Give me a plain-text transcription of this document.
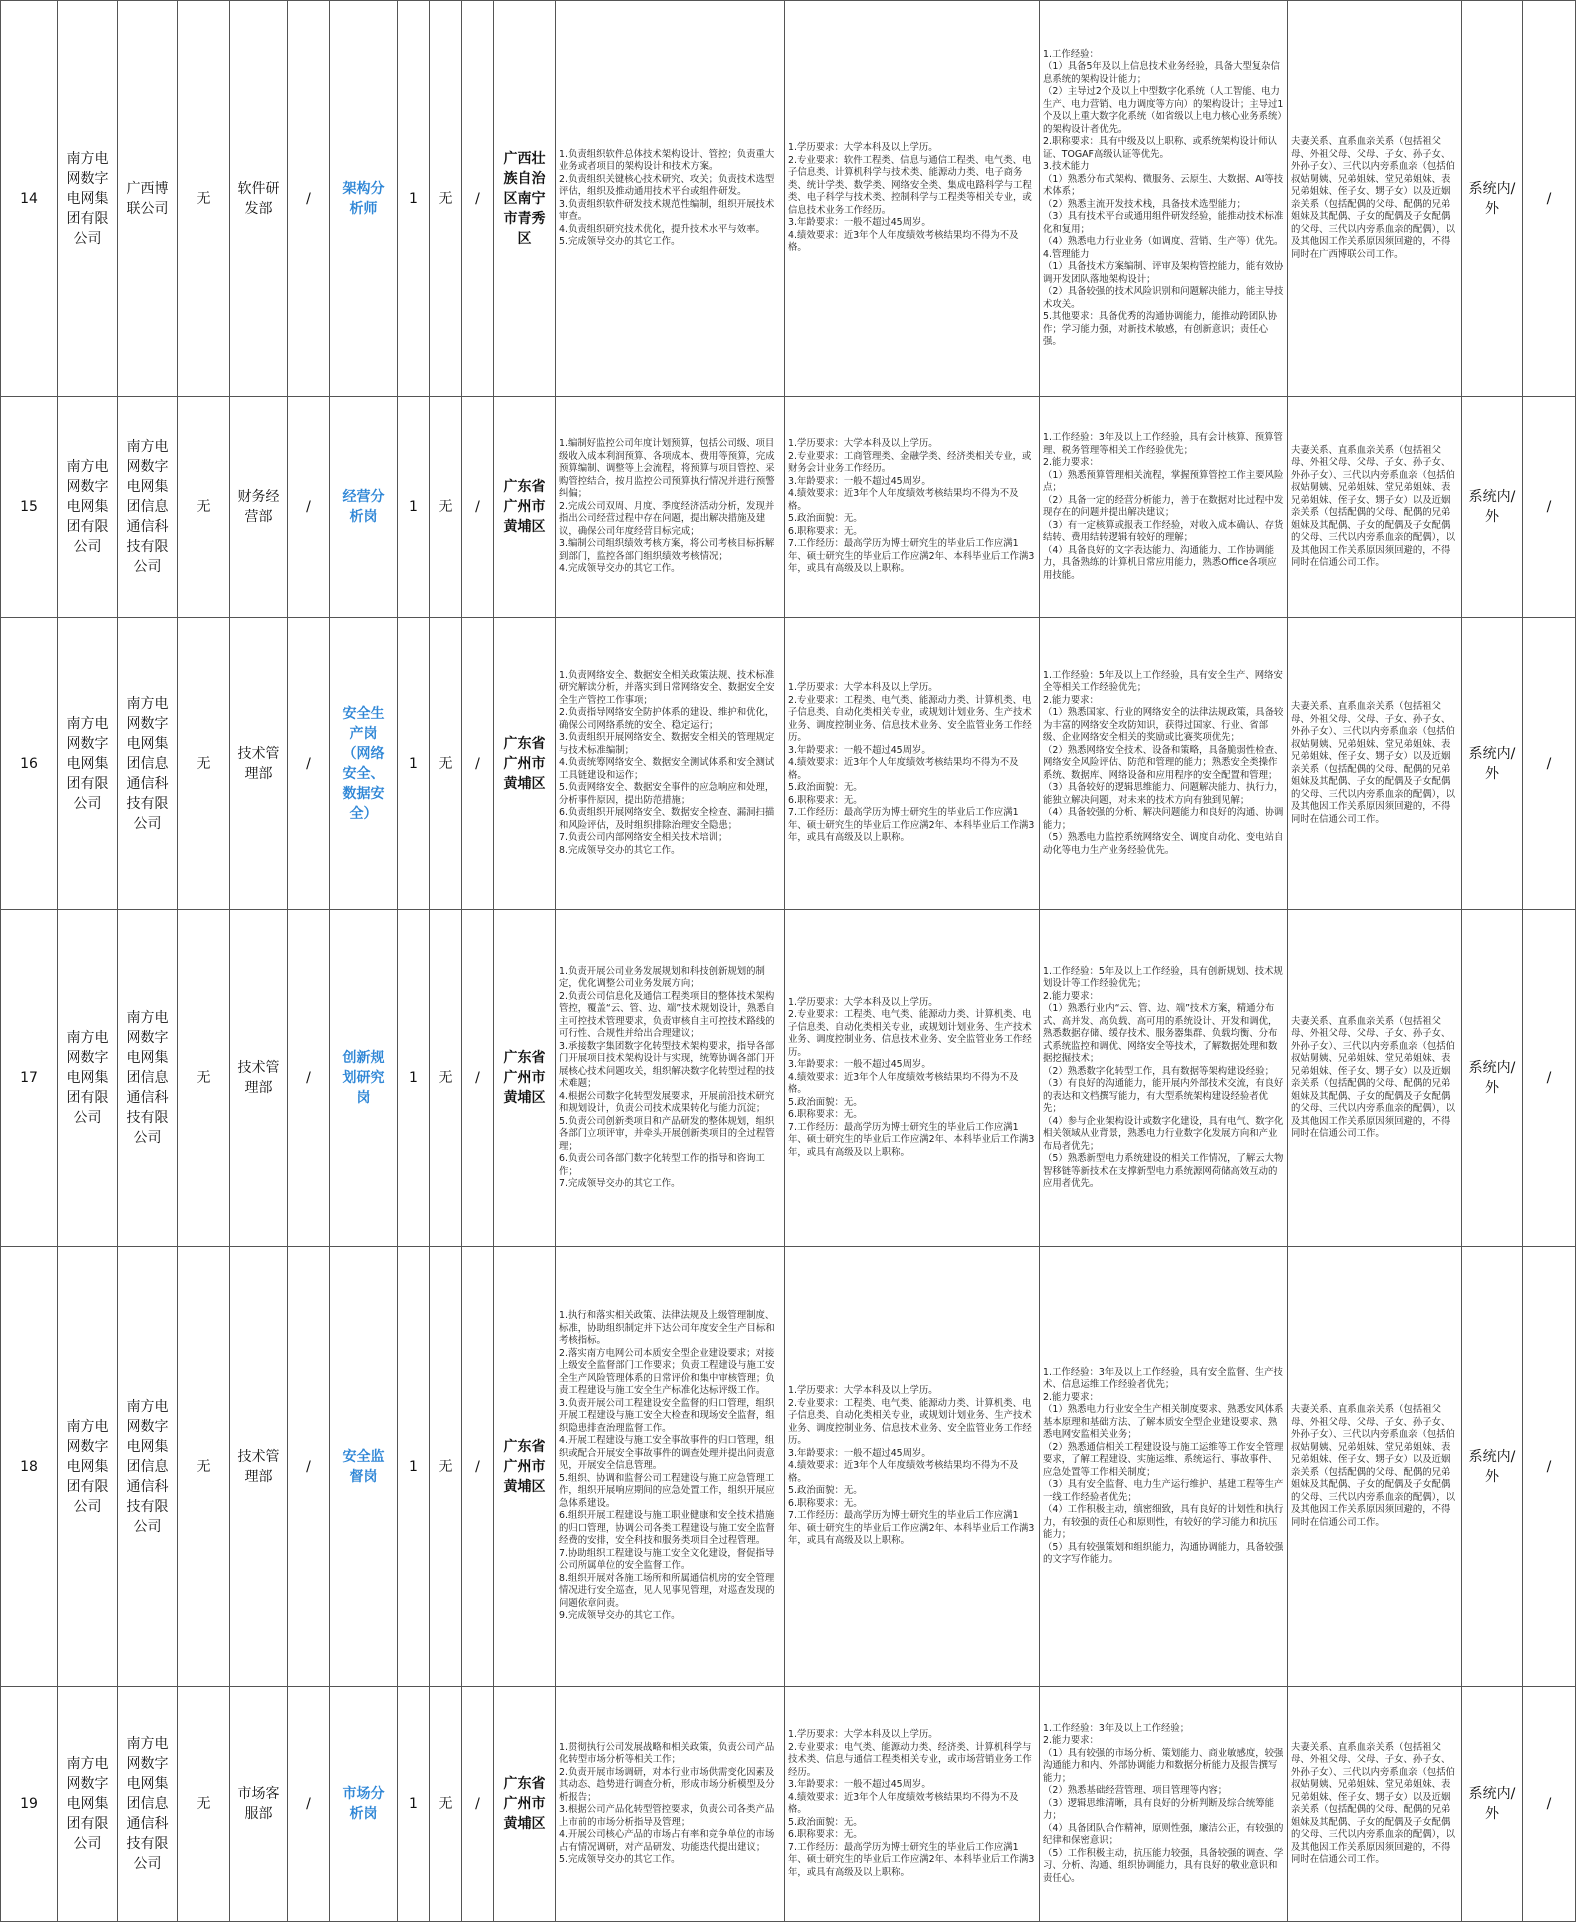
14
南方电网数字电网集团有限公司
广西博联公司
无
软件研发部
/
架构分析师
1 无 /
广西壮族自治区南宁市青秀区
1.负责组织软件总体技术架构设计、管控；负责重大业务或者项目的架构设计和技术方案。
2.负责组织关键核心技术研究、攻关；负责技术选型评估，组织及推动通用技术平台或组件研发。
3.负责组织软件研发技术规范性编制，组织开展技术审查。
4.负责组织研究技术优化，提升技术水平与效率。
5.完成领导交办的其它工作。
1.学历要求：大学本科及以上学历。
2.专业要求：软件工程类、信息与通信工程类、电气类、电子信息类、计算机科学与技术类、能源动力类、电子商务类、统计学类、数学类、网络安全类、集成电路科学与工程类、电子科学与技术类、控制科学与工程类等相关专业，或信息技术业务工作经历。
3.年龄要求：一般不超过45周岁。
4.绩效要求：近3年个人年度绩效考核结果均不得为不及格。
1.工作经验：
（1）具备5年及以上信息技术业务经验，具备大型复杂信息系统的架构设计能力；
（2）主导过2个及以上中型数字化系统（人工智能、电力生产、电力营销、电力调度等方向）的架构设计；主导过1个及以上重大数字化系统（如省级以上电力核心业务系统）的架构设计者优先。
2.职称要求：具有中级及以上职称、或系统架构设计师认证、TOGAF高级认证等优先。
3.技术能力
（1）熟悉分布式架构、微服务、云原生、大数据、AI等技术体系；
（2）熟悉主流开发技术栈，具备技术选型能力；
（3）具有技术平台或通用组件研发经验，能推动技术标准化和复用；
（4）熟悉电力行业业务（如调度、营销、生产等）优先。
4.管理能力
（1）具备技术方案编制、评审及架构管控能力，能有效协调开发团队落地架构设计；
（2）具备较强的技术风险识别和问题解决能力，能主导技术攻关。
5.其他要求：具备优秀的沟通协调能力，能推动跨团队协作；学习能力强，对新技术敏感，有创新意识；责任心强。
夫妻关系、直系血亲关系（包括祖父母、外祖父母、父母、子女、孙子女、外孙子女）、三代以内旁系血亲（包括伯叔姑舅姨、兄弟姐妹、堂兄弟姐妹、表兄弟姐妹、侄子女、甥子女）以及近姻亲关系（包括配偶的父母、配偶的兄弟姐妹及其配偶、子女的配偶及子女配偶的父母、三代以内旁系血亲的配偶），以及其他因工作关系原因须回避的，不得同时在广西博联公司工作。
系统内/外
/
15
南方电网数字电网集团有限公司
南方电网数字电网集团信息通信科技有限公司
无
财务经营部
/
经营分析岗
1 无 /
广东省广州市黄埔区
1.编制好监控公司年度计划预算，包括公司级、项目级收入成本利润预算、各项成本、费用等预算，完成预算编制、调整等上会流程，将预算与项目管控、采购管控结合，按月监控公司预算执行情况并进行预警纠偏；
2.完成公司双周、月度、季度经济活动分析，发现并指出公司经营过程中存在问题，提出解决措施及建议，确保公司年度经营目标完成；
3.编制公司组织绩效考核方案，将公司考核目标拆解到部门，监控各部门组织绩效考核情况；
4.完成领导交办的其它工作。
1.学历要求：大学本科及以上学历。
2.专业要求：工商管理类、金融学类、经济类相关专业，或财务会计业务工作经历。
3.年龄要求：一般不超过45周岁。
4.绩效要求：近3年个人年度绩效考核结果均不得为不及格。
5.政治面貌：无。
6.职称要求：无。
7.工作经历：最高学历为博士研究生的毕业后工作应满1年、硕士研究生的毕业后工作应满2年、本科毕业后工作满3年，或具有高级及以上职称。
1.工作经验：3年及以上工作经验，具有会计核算、预算管理、税务管理等相关工作经验优先；
2.能力要求：
（1）熟悉预算管理相关流程，掌握预算管控工作主要风险点；
（2）具备一定的经营分析能力，善于在数据对比过程中发现存在的问题并提出解决建议；
（3）有一定核算或报表工作经验，对收入成本确认、存货结转、费用结转逻辑有较好的理解；
（4）具备良好的文字表达能力、沟通能力、工作协调能力，具备熟练的计算机日常应用能力，熟悉Office各项应用技能。
夫妻关系、直系血亲关系（包括祖父母、外祖父母、父母、子女、孙子女、外孙子女）、三代以内旁系血亲（包括伯叔姑舅姨、兄弟姐妹、堂兄弟姐妹、表兄弟姐妹、侄子女、甥子女）以及近姻亲关系（包括配偶的父母、配偶的兄弟姐妹及其配偶、子女的配偶及子女配偶的父母、三代以内旁系血亲的配偶），以及其他因工作关系原因须回避的，不得同时在信通公司工作。
系统内/外
/
16
南方电网数字电网集团有限公司
南方电网数字电网集团信息通信科技有限公司
无
技术管理部
/
安全生产岗（网络安全、数据安全）
1 无 /
广东省广州市黄埔区
1.负责网络安全、数据安全相关政策法规、技术标准研究解读分析，并落实到日常网络安全、数据安全安全生产管控工作事项；
2.负责指导网络安全防护体系的建设、维护和优化，确保公司网络系统的安全、稳定运行；
3.负责组织开展网络安全、数据安全相关的管理规定与技术标准编制；
4.负责统筹网络安全、数据安全测试体系和安全测试工具链建设和运作；
5.负责网络安全、数据安全事件的应急响应和处理，分析事件原因，提出防范措施；
6.负责组织开展网络安全、数据安全检查、漏洞扫描和风险评估，及时组织排除治理安全隐患；
7.负责公司内部网络安全相关技术培训；
8.完成领导交办的其它工作。
1.学历要求：大学本科及以上学历。
2.专业要求：工程类、电气类、能源动力类、计算机类、电子信息类、自动化类相关专业，或规划计划业务、生产技术业务、调度控制业务、信息技术业务、安全监管业务工作经历。
3.年龄要求：一般不超过45周岁。
4.绩效要求：近3年个人年度绩效考核结果均不得为不及格。
5.政治面貌：无。
6.职称要求：无。
7.工作经历：最高学历为博士研究生的毕业后工作应满1年、硕士研究生的毕业后工作应满2年、本科毕业后工作满3年，或具有高级及以上职称。
1.工作经验：5年及以上工作经验，具有安全生产、网络安全等相关工作经验优先；
2.能力要求：
（1）熟悉国家、行业的网络安全的法律法规政策，具备较为丰富的网络安全攻防知识，获得过国家、行业、省部级、企业网络安全相关的奖励或比赛奖项优先；
（2）熟悉网络安全技术、设备和策略，具备脆弱性检查、网络安全风险评估、防范和管理的能力；熟悉安全类操作系统、数据库、网络设备和应用程序的安全配置和管理；
（3）具备较好的逻辑思维能力、问题解决能力、执行力，能独立解决问题，对未来的技术方向有独到见解；
（4）具备较强的分析、解决问题能力和良好的沟通、协调能力；
（5）熟悉电力监控系统网络安全、调度自动化、变电站自动化等电力生产业务经验优先。
夫妻关系、直系血亲关系（包括祖父母、外祖父母、父母、子女、孙子女、外孙子女）、三代以内旁系血亲（包括伯叔姑舅姨、兄弟姐妹、堂兄弟姐妹、表兄弟姐妹、侄子女、甥子女）以及近姻亲关系（包括配偶的父母、配偶的兄弟姐妹及其配偶、子女的配偶及子女配偶的父母、三代以内旁系血亲的配偶），以及其他因工作关系原因须回避的，不得同时在信通公司工作。
系统内/外
/
17
南方电网数字电网集团有限公司
南方电网数字电网集团信息通信科技有限公司
无
技术管理部
/
创新规划研究岗
1 无 /
广东省广州市黄埔区
1.负责开展公司业务发展规划和科技创新规划的制定，优化调整公司业务发展方向；
2.负责公司信息化及通信工程类项目的整体技术架构管控，覆盖“云、管、边、端”技术规划设计，熟悉自主可控技术管理要求，负责审核自主可控技术路线的可行性、合规性并给出合理建议；
3.承接数字集团数字化转型技术架构要求，指导各部门开展项目技术架构设计与实现，统筹协调各部门开展核心技术问题攻关，组织解决数字化转型过程的技术难题；
4.根据公司数字化转型发展要求，开展前沿技术研究和规划设计，负责公司技术成果转化与能力沉淀；
5.负责公司创新类项目和产品研发的整体规划，组织各部门立项评审，并牵头开展创新类项目的全过程管理；
6.负责公司各部门数字化转型工作的指导和咨询工作；
7.完成领导交办的其它工作。
1.学历要求：大学本科及以上学历。
2.专业要求：工程类、电气类、能源动力类、计算机类、电子信息类、自动化类相关专业，或规划计划业务、生产技术业务、调度控制业务、信息技术业务、安全监管业务工作经历。
3.年龄要求：一般不超过45周岁。
4.绩效要求：近3年个人年度绩效考核结果均不得为不及格。
5.政治面貌：无。
6.职称要求：无。
7.工作经历：最高学历为博士研究生的毕业后工作应满1年、硕士研究生的毕业后工作应满2年、本科毕业后工作满3年，或具有高级及以上职称。
1.工作经验：5年及以上工作经验，具有创新规划、技术规划设计等工作经验优先；
2.能力要求：
（1）熟悉行业内“云、管、边、端”技术方案，精通分布式、高并发、高负载、高可用的系统设计、开发和调优，熟悉数据存储、缓存技术、服务器集群、负载均衡、分布式系统监控和调优、网络安全等技术，了解数据处理和数据挖掘技术；
（2）熟悉数字化转型工作，具有数据等架构建设经验；
（3）有良好的沟通能力，能开展内外部技术交流，有良好的表达和文档撰写能力，有大型系统架构建设经验者优先；
（4）参与企业架构设计或数字化建设，具有电气、数字化相关领域从业背景，熟悉电力行业数字化发展方向和产业布局者优先；
（5）熟悉新型电力系统建设的相关工作情况，了解云大物智移链等新技术在支撑新型电力系统源网荷储高效互动的应用者优先。
夫妻关系、直系血亲关系（包括祖父母、外祖父母、父母、子女、孙子女、外孙子女）、三代以内旁系血亲（包括伯叔姑舅姨、兄弟姐妹、堂兄弟姐妹、表兄弟姐妹、侄子女、甥子女）以及近姻亲关系（包括配偶的父母、配偶的兄弟姐妹及其配偶、子女的配偶及子女配偶的父母、三代以内旁系血亲的配偶），以及其他因工作关系原因须回避的，不得同时在信通公司工作。
系统内/外
/
18
南方电网数字电网集团有限公司
南方电网数字电网集团信息通信科技有限公司
无
技术管理部
/
安全监督岗
1 无 /
广东省广州市黄埔区
1.执行和落实相关政策、法律法规及上级管理制度、标准，协助组织制定并下达公司年度安全生产目标和考核指标。
2.落实南方电网公司本质安全型企业建设要求；对接上级安全监督部门工作要求；负责工程建设与施工安全生产风险管理体系的日常评价和集中审核管理；负责工程建设与施工安全生产标准化达标评级工作。
3.负责开展公司工程建设安全监督的归口管理，组织开展工程建设与施工安全大检查和现场安全监督，组织隐患排查治理监督工作。
4.开展工程建设与施工安全事故事件的归口管理，组织或配合开展安全事故事件的调查处理并提出问责意见，开展安全信息管理。
5.组织、协调和监督公司工程建设与施工应急管理工作，组织开展响应期间的应急处置工作，组织开展应急体系建设。
6.组织开展工程建设与施工职业健康和安全技术措施的归口管理，协调公司各类工程建设与施工安全监督经费的安排，安全科技和服务类项目全过程管理。
7.协助组织工程建设与施工安全文化建设，督促指导公司所属单位的安全监督工作。
8.组织开展对各施工场所和所属通信机房的安全管理情况进行安全巡查，见人见事见管理，对巡查发现的问题依章问责。
9.完成领导交办的其它工作。
1.学历要求：大学本科及以上学历。
2.专业要求：工程类、电气类、能源动力类、计算机类、电子信息类、自动化类相关专业，或规划计划业务、生产技术业务、调度控制业务、信息技术业务、安全监管业务工作经历。
3.年龄要求：一般不超过45周岁。
4.绩效要求：近3年个人年度绩效考核结果均不得为不及格。
5.政治面貌：无。
6.职称要求：无。
7.工作经历：最高学历为博士研究生的毕业后工作应满1年、硕士研究生的毕业后工作应满2年、本科毕业后工作满3年，或具有高级及以上职称。
1.工作经验：3年及以上工作经验，具有安全监督、生产技术、信息运维工作经验者优先；
2.能力要求：
（1）熟悉电力行业安全生产相关制度要求、熟悉安风体系基本原理和基础方法、了解本质安全型企业建设要求、熟悉电网安监相关业务；
（2）熟悉通信相关工程建设设与施工运维等工作安全管理要求，了解工程建设、实施运维、系统运行、事故事件、应急处置等工作相关制度；
（3）具有安全监督、电力生产运行维护、基建工程等生产一线工作经验者优先；
（4）工作积极主动，缜密细致，具有良好的计划性和执行力，有较强的责任心和原则性，有较好的学习能力和抗压能力；
（5）具有较强策划和组织能力，沟通协调能力，具备较强的文字写作能力。
夫妻关系、直系血亲关系（包括祖父母、外祖父母、父母、子女、孙子女、外孙子女）、三代以内旁系血亲（包括伯叔姑舅姨、兄弟姐妹、堂兄弟姐妹、表兄弟姐妹、侄子女、甥子女）以及近姻亲关系（包括配偶的父母、配偶的兄弟姐妹及其配偶、子女的配偶及子女配偶的父母、三代以内旁系血亲的配偶），以及其他因工作关系原因须回避的，不得同时在信通公司工作。
系统内/外
/
19
南方电网数字电网集团有限公司
南方电网数字电网集团信息通信科技有限公司
无
市场客服部
/
市场分析岗
1 无 /
广东省广州市黄埔区
1.贯彻执行公司发展战略和相关政策，负责公司产品化转型市场分析等相关工作；
2.负责开展市场调研，对本行业市场供需变化因素及其动态、趋势进行调查分析，形成市场分析模型及分析报告；
3.根据公司产品化转型管控要求，负责公司各类产品上市前的市场分析指导及管理；
4.开展公司核心产品的市场占有率和竞争单位的市场占有情况调研，对产品研发、功能迭代提出建议；
5.完成领导交办的其它工作。
1.学历要求：大学本科及以上学历。
2.专业要求：电气类、能源动力类、经济类、计算机科学与技术类、信息与通信工程类相关专业，或市场营销业务工作经历。
3.年龄要求：一般不超过45周岁。
4.绩效要求：近3年个人年度绩效考核结果均不得为不及格。
5.政治面貌：无。
6.职称要求：无。
7.工作经历：最高学历为博士研究生的毕业后工作应满1年、硕士研究生的毕业后工作应满2年、本科毕业后工作满3年，或具有高级及以上职称。
1.工作经验：3年及以上工作经验；
2.能力要求：
（1）具有较强的市场分析、策划能力、商业敏感度，较强沟通能力和内、外部协调能力和数据分析能力及报告撰写能力；
（2）熟悉基础经营管理、项目管理等内容；
（3）逻辑思维清晰，具有良好的分析判断及综合统筹能力；
（4）具备团队合作精神，原则性强，廉洁公正，有较强的纪律和保密意识；
（5）工作积极主动，抗压能力较强，具备较强的调查、学习、分析、沟通、组织协调能力，具有良好的敬业意识和责任心。
夫妻关系、直系血亲关系（包括祖父母、外祖父母、父母、子女、孙子女、外孙子女）、三代以内旁系血亲（包括伯叔姑舅姨、兄弟姐妹、堂兄弟姐妹、表兄弟姐妹、侄子女、甥子女）以及近姻亲关系（包括配偶的父母、配偶的兄弟姐妹及其配偶、子女的配偶及子女配偶的父母、三代以内旁系血亲的配偶），以及其他因工作关系原因须回避的，不得同时在信通公司工作。
系统内/外
/
